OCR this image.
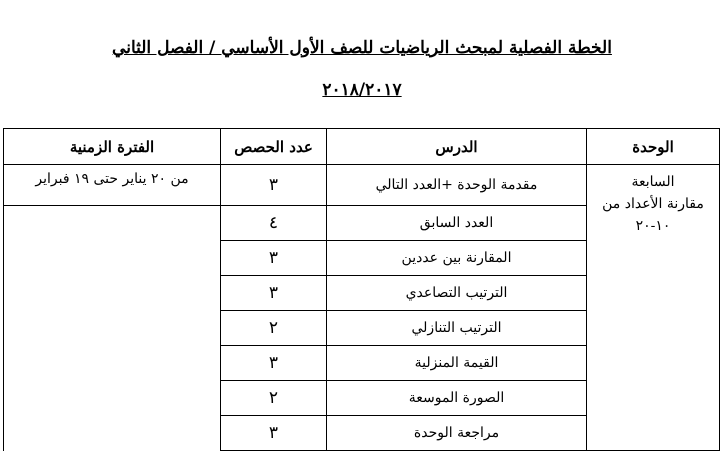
الخطة الفصلية لمبحث الرياضيات للصف الأول الأساسي / الفصل الثاني
٢٠١٨/٢٠١٧
الوحدة	الدرس	عدد الحصص	الفترة الزمنية

السابعة
مقارنة الأعداد من
١٠-٢٠	مقدمة الوحدة +العدد التالي	٣	من ٢٠ يناير حتى ١٩ فبراير
	العدد السابق	٤	
	المقارنة بين عددين	٣	
	الترتيب التصاعدي	٣	
	الترتيب التنازلي	٢	
	القيمة المنزلية	٣	
	الصورة الموسعة	٢	
	مراجعة الوحدة	٣	
